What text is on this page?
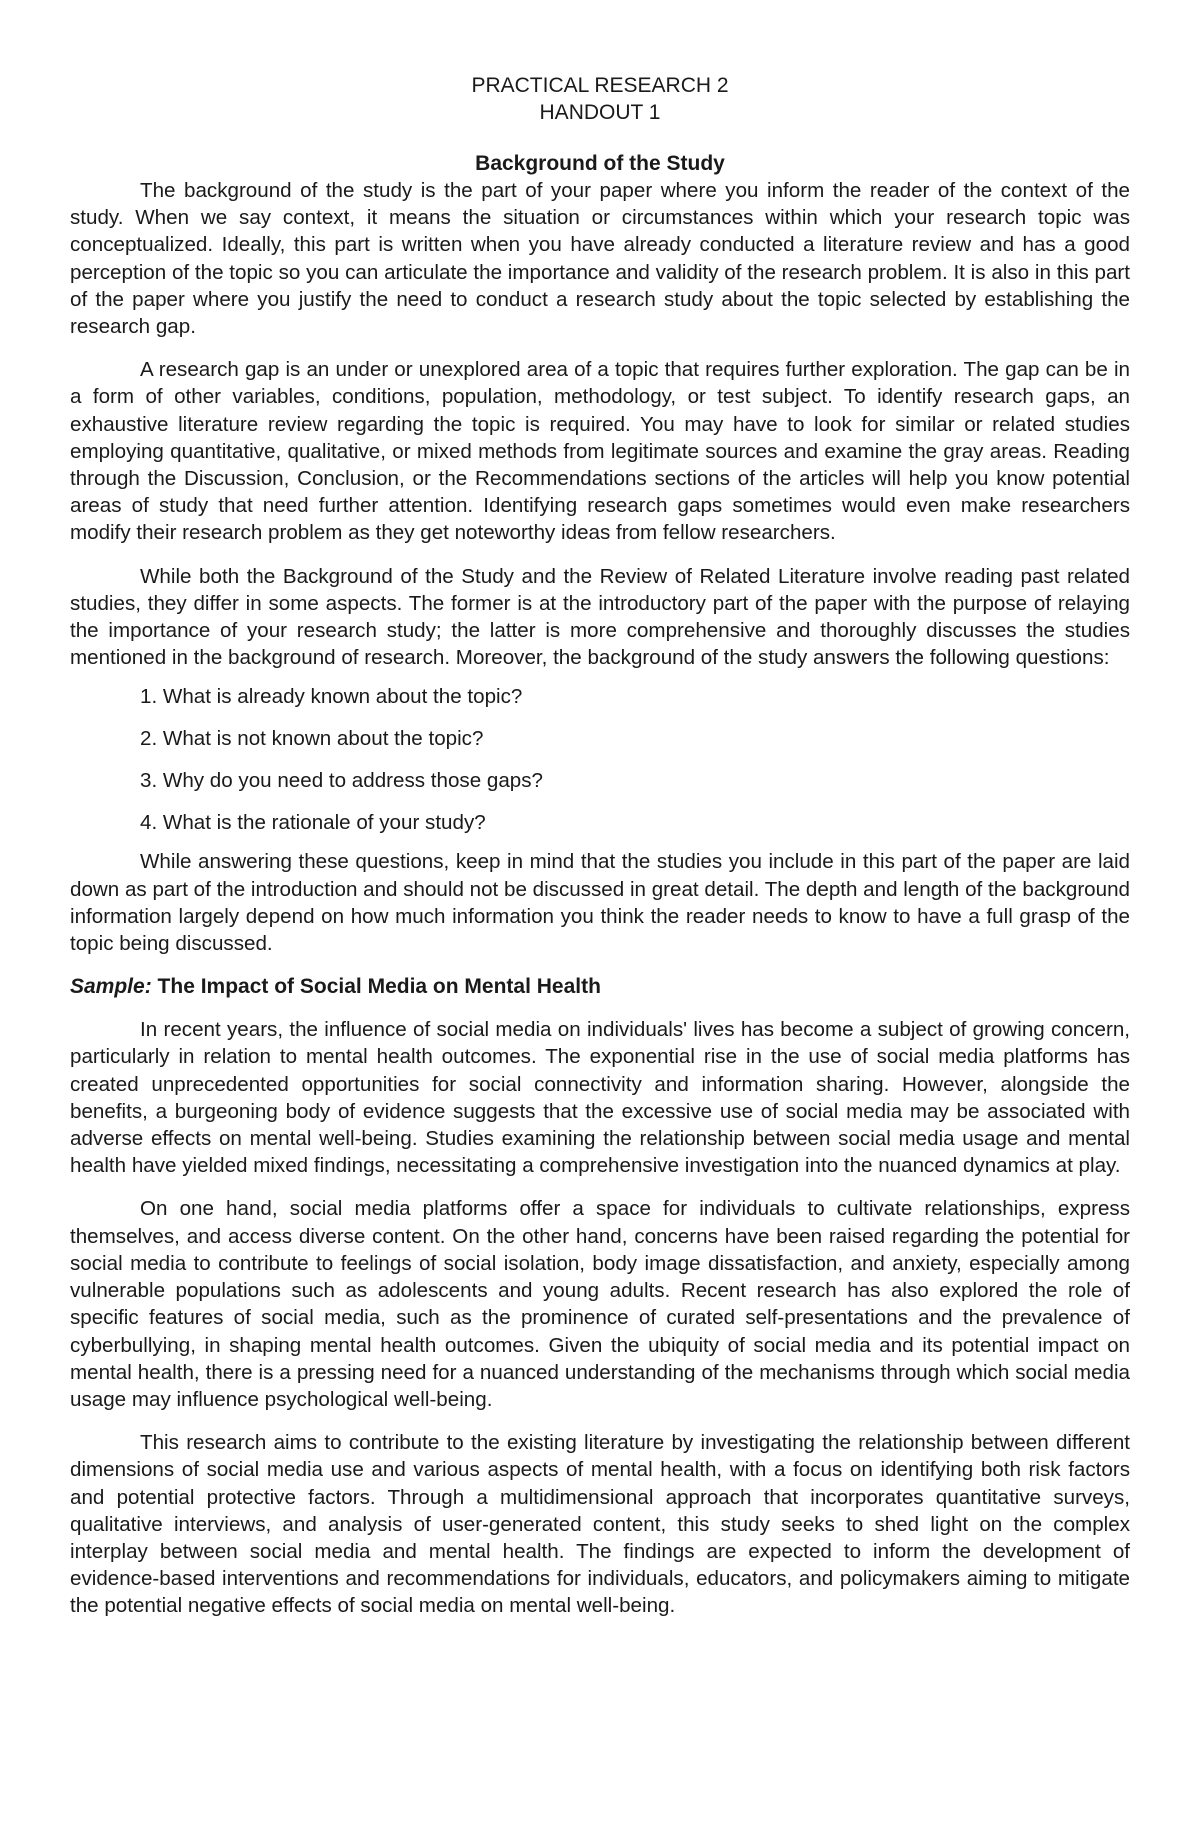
PRACTICAL RESEARCH 2
HANDOUT 1
Background of the Study

The background of the study is the part of your paper where you inform the reader of the context of the study. When we say context, it means the situation or circumstances within which your research topic was conceptualized. Ideally, this part is written when you have already conducted a literature review and has a good perception of the topic so you can articulate the importance and validity of the research problem. It is also in this part of the paper where you justify the need to conduct a research study about the topic selected by establishing the research gap.

A research gap is an under or unexplored area of a topic that requires further exploration. The gap can be in a form of other variables, conditions, population, methodology, or test subject. To identify research gaps, an exhaustive literature review regarding the topic is required. You may have to look for similar or related studies employing quantitative, qualitative, or mixed methods from legitimate sources and examine the gray areas. Reading through the Discussion, Conclusion, or the Recommendations sections of the articles will help you know potential areas of study that need further attention. Identifying research gaps sometimes would even make researchers modify their research problem as they get noteworthy ideas from fellow researchers.

While both the Background of the Study and the Review of Related Literature involve reading past related studies, they differ in some aspects. The former is at the introductory part of the paper with the purpose of relaying the importance of your research study; the latter is more comprehensive and thoroughly discusses the studies mentioned in the background of research. Moreover, the background of the study answers the following questions:

1. What is already known about the topic?
2. What is not known about the topic?
3. Why do you need to address those gaps?
4. What is the rationale of your study?

While answering these questions, keep in mind that the studies you include in this part of the paper are laid down as part of the introduction and should not be discussed in great detail. The depth and length of the background information largely depend on how much information you think the reader needs to know to have a full grasp of the topic being discussed.

Sample: The Impact of Social Media on Mental Health

In recent years, the influence of social media on individuals' lives has become a subject of growing concern, particularly in relation to mental health outcomes. The exponential rise in the use of social media platforms has created unprecedented opportunities for social connectivity and information sharing. However, alongside the benefits, a burgeoning body of evidence suggests that the excessive use of social media may be associated with adverse effects on mental well-being. Studies examining the relationship between social media usage and mental health have yielded mixed findings, necessitating a comprehensive investigation into the nuanced dynamics at play.

On one hand, social media platforms offer a space for individuals to cultivate relationships, express themselves, and access diverse content. On the other hand, concerns have been raised regarding the potential for social media to contribute to feelings of social isolation, body image dissatisfaction, and anxiety, especially among vulnerable populations such as adolescents and young adults. Recent research has also explored the role of specific features of social media, such as the prominence of curated self-presentations and the prevalence of cyberbullying, in shaping mental health outcomes. Given the ubiquity of social media and its potential impact on mental health, there is a pressing need for a nuanced understanding of the mechanisms through which social media usage may influence psychological well-being.

This research aims to contribute to the existing literature by investigating the relationship between different dimensions of social media use and various aspects of mental health, with a focus on identifying both risk factors and potential protective factors. Through a multidimensional approach that incorporates quantitative surveys, qualitative interviews, and analysis of user-generated content, this study seeks to shed light on the complex interplay between social media and mental health. The findings are expected to inform the development of evidence-based interventions and recommendations for individuals, educators, and policymakers aiming to mitigate the potential negative effects of social media on mental well-being.
